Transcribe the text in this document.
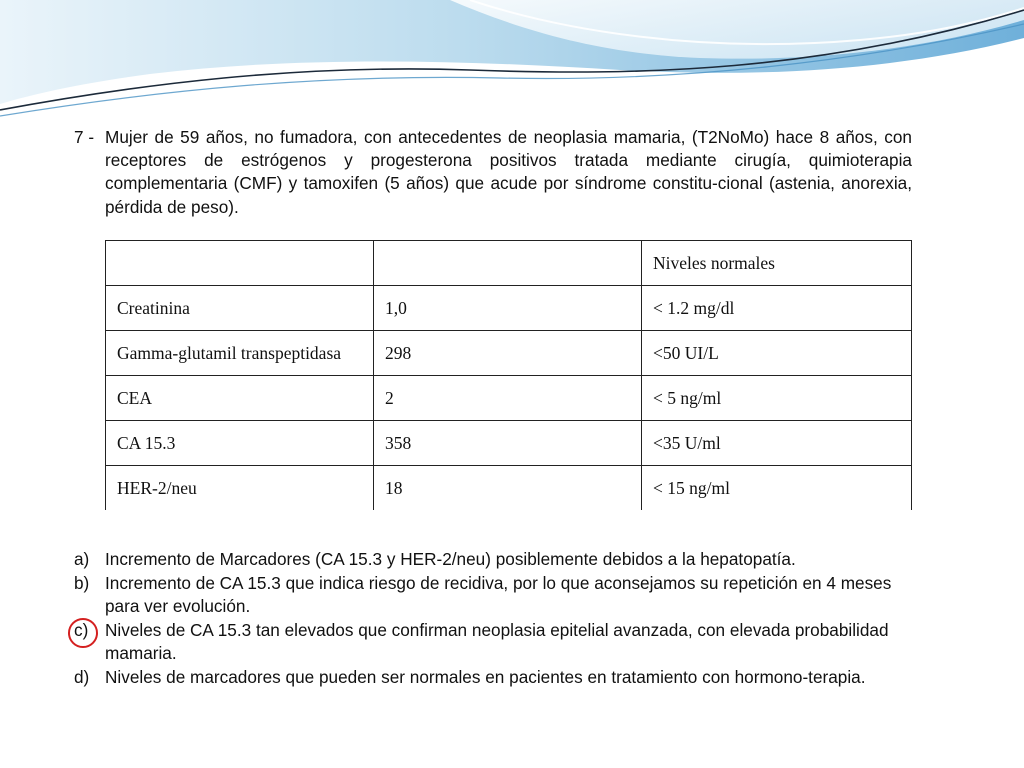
7 - Mujer de 59 años, no fumadora, con antecedentes de neoplasia mamaria, (T2NoMo) hace 8 años, con receptores de estrógenos y progesterona positivos tratada mediante cirugía, quimioterapia complementaria (CMF) y tamoxifen (5 años) que acude por síndrome constitu-cional (astenia, anorexia, pérdida de peso).
		Niveles normales
Creatinina	1,0	< 1.2 mg/dl
Gamma-glutamil transpeptidasa	298	<50 UI/L
CEA	2	< 5 ng/ml
CA 15.3	358	<35 U/ml
HER-2/neu	18	< 15 ng/ml
a) Incremento de Marcadores (CA 15.3 y HER-2/neu) posiblemente debidos a la hepatopatía.
b) Incremento de CA 15.3 que indica riesgo de recidiva, por lo que aconsejamos su repetición en 4 meses para ver evolución.
c) Niveles de CA 15.3 tan elevados que confirman neoplasia epitelial avanzada, con elevada probabilidad mamaria.
d) Niveles de marcadores que pueden ser normales en pacientes en tratamiento con hormono-terapia.
